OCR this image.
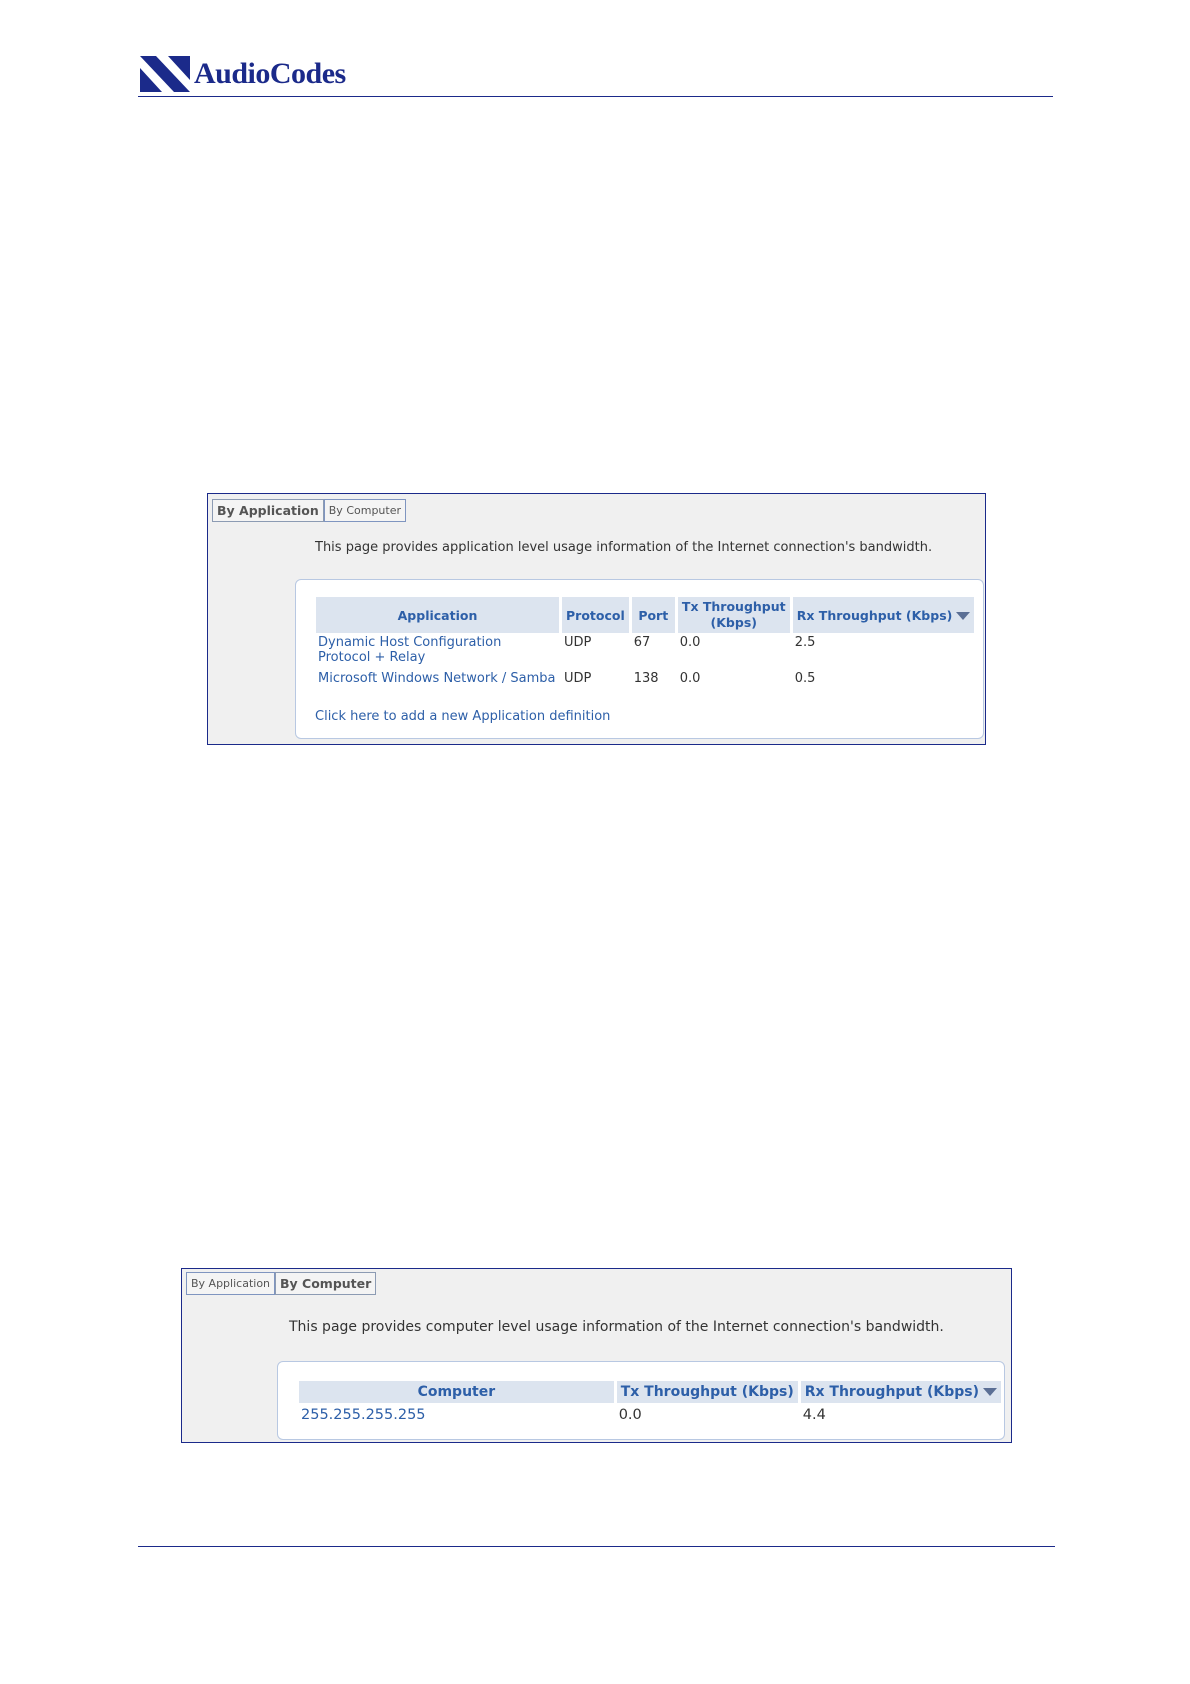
AudioCodes
By Application By Computer
This page provides application level usage information of the Internet connection's bandwidth.
Application	Protocol	Port	Tx Throughput (Kbps)	Rx Throughput (Kbps)
Dynamic Host Configuration Protocol + Relay	UDP	67	0.0	2.5
Microsoft Windows Network / Samba	UDP	138	0.0	0.5
Click here to add a new Application definition
By Application By Computer
This page provides computer level usage information of the Internet connection's bandwidth.
Computer	Tx Throughput (Kbps)	Rx Throughput (Kbps)
255.255.255.255	0.0	4.4
